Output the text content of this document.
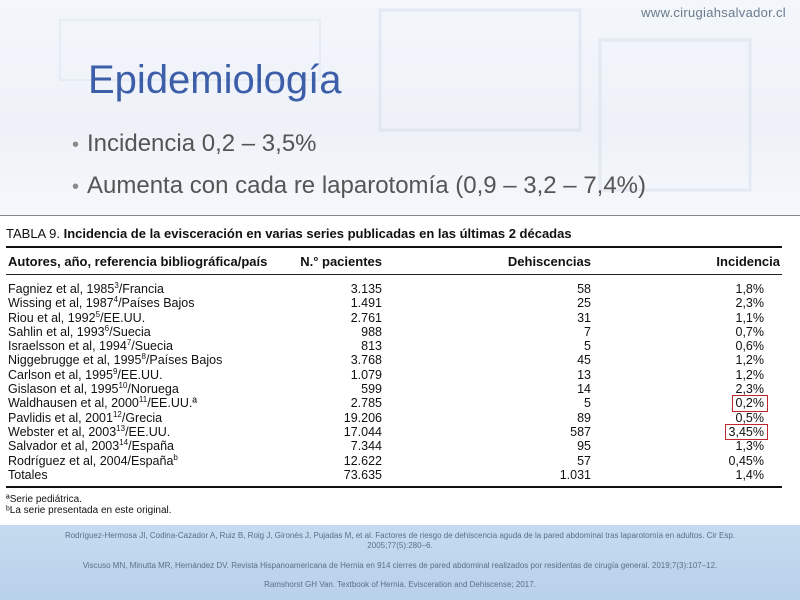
www.cirugiahsalvador.cl
Epidemiología
• Incidencia 0,2 – 3,5%
• Aumenta con cada re laparotomía (0,9 – 3,2 – 7,4%)
TABLA 9. Incidencia de la evisceración en varias series publicadas en las últimas 2 décadas
Autores, año, referencia bibliográfica/país	N.° pacientes	Dehiscencias	Incidencia
Fagniez et al, 1985$^3$/Francia	3.135	58	1,8%
Wissing et al, 1987$^4$/Países Bajos	1.491	25	2,3%
Riou et al, 1992$^5$/EE.UU.	2.761	31	1,1%
Sahlin et al, 1993$^6$/Suecia	988	7	0,7%
Israelsson et al, 1994$^7$/Suecia	813	5	0,6%
Niggebrugge et al, 1995$^8$/Países Bajos	3.768	45	1,2%
Carlson et al, 1995$^9$/EE.UU.	1.079	13	1,2%
Gislason et al, 1995$^{10}$/Noruega	599	14	2,3%
Waldhausen et al, 2000$^{11}$/EE.UU.ª	2.785	5	0,2%
Pavlidis et al, 2001$^{12}$/Grecia	19.206	89	0,5%
Webster et al, 2003$^{13}$/EE.UU.	17.044	587	3,45%
Salvador et al, 2003$^{14}$/España	7.344	95	1,3%
Rodríguez et al, 2004/España$^b$	12.622	57	0,45%
Totales	73.635	1.031	1,4%
ªSerie pediátrica.
ᵇLa serie presentada en este original.
Rodríguez-Hermosa JI, Codina-Cazador A, Ruiz B, Roig J, Gironès J, Pujadas M, et al. Factores de riesgo de dehiscencia aguda de la pared abdominal tras laparotomía en adultos. Cir Esp. 2005;77(5):280–6.
Viscuso MN, Minutta MR, Hernández DV. Revista Hispanoamericana de Hernia en 914 cierres de pared abdominal realizados por residentas de cirugía general. 2019;7(3):107–12.
Ramshorst GH Van. Textbook of Hernia. Evisceration and Dehiscense; 2017.
